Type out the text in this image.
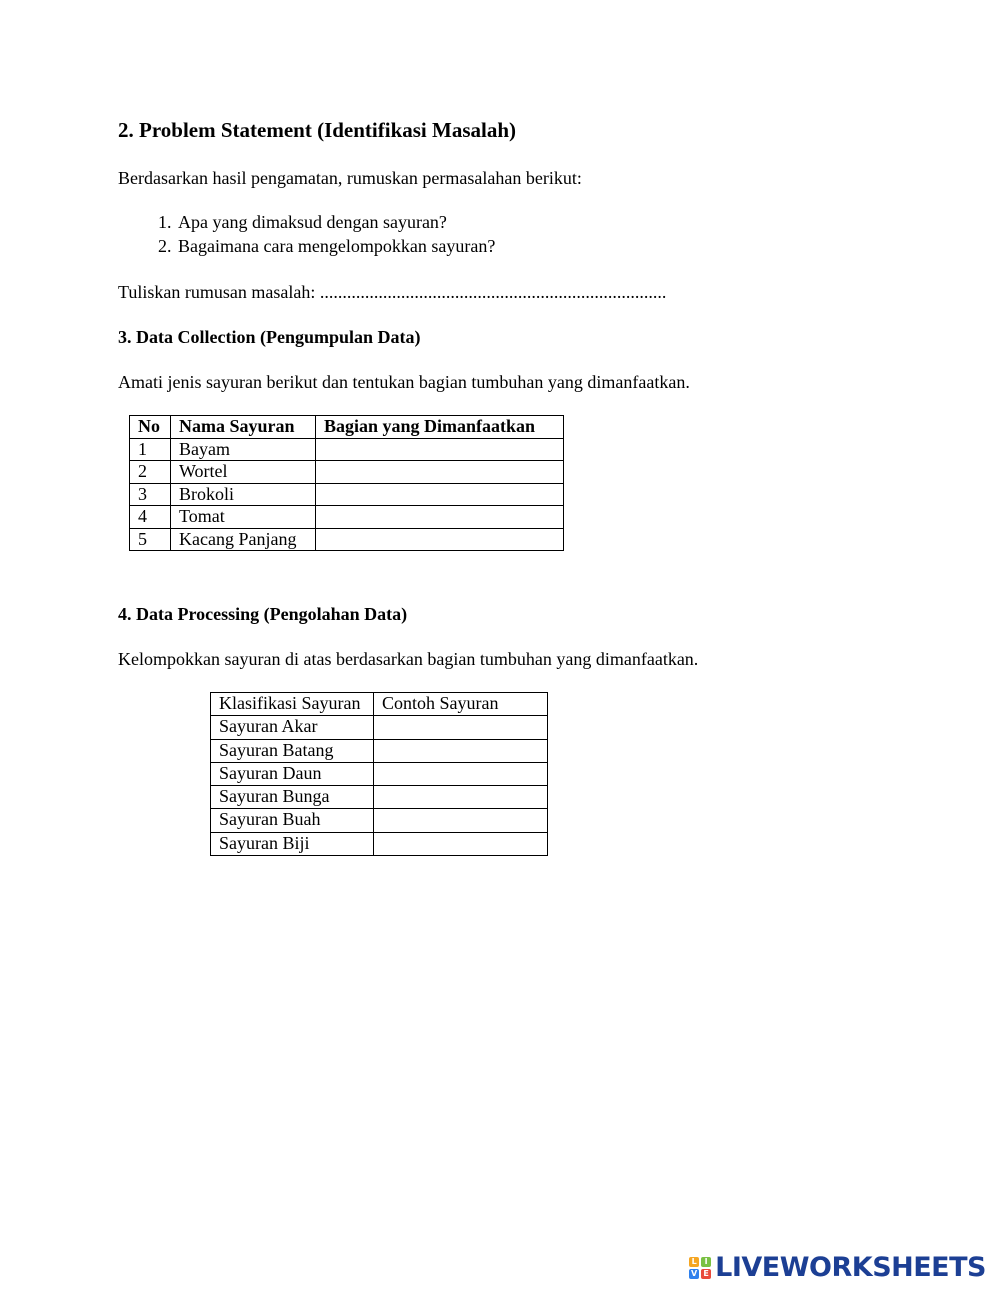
2. Problem Statement (Identifikasi Masalah)
Berdasarkan hasil pengamatan, rumuskan permasalahan berikut:
1. Apa yang dimaksud dengan sayuran?
2. Bagaimana cara mengelompokkan sayuran?
Tuliskan rumusan masalah: .............................................................................
3. Data Collection (Pengumpulan Data)
Amati jenis sayuran berikut dan tentukan bagian tumbuhan yang dimanfaatkan.
No	Nama Sayuran	Bagian yang Dimanfaatkan
1	Bayam	
2	Wortel	
3	Brokoli	
4	Tomat	
5	Kacang Panjang	
4. Data Processing (Pengolahan Data)
Kelompokkan sayuran di atas berdasarkan bagian tumbuhan yang dimanfaatkan.
Klasifikasi Sayuran	Contoh Sayuran
Sayuran Akar	
Sayuran Batang	
Sayuran Daun	
Sayuran Bunga	
Sayuran Buah	
Sayuran Biji	
L I
V E LIVEWORKSHEETS
